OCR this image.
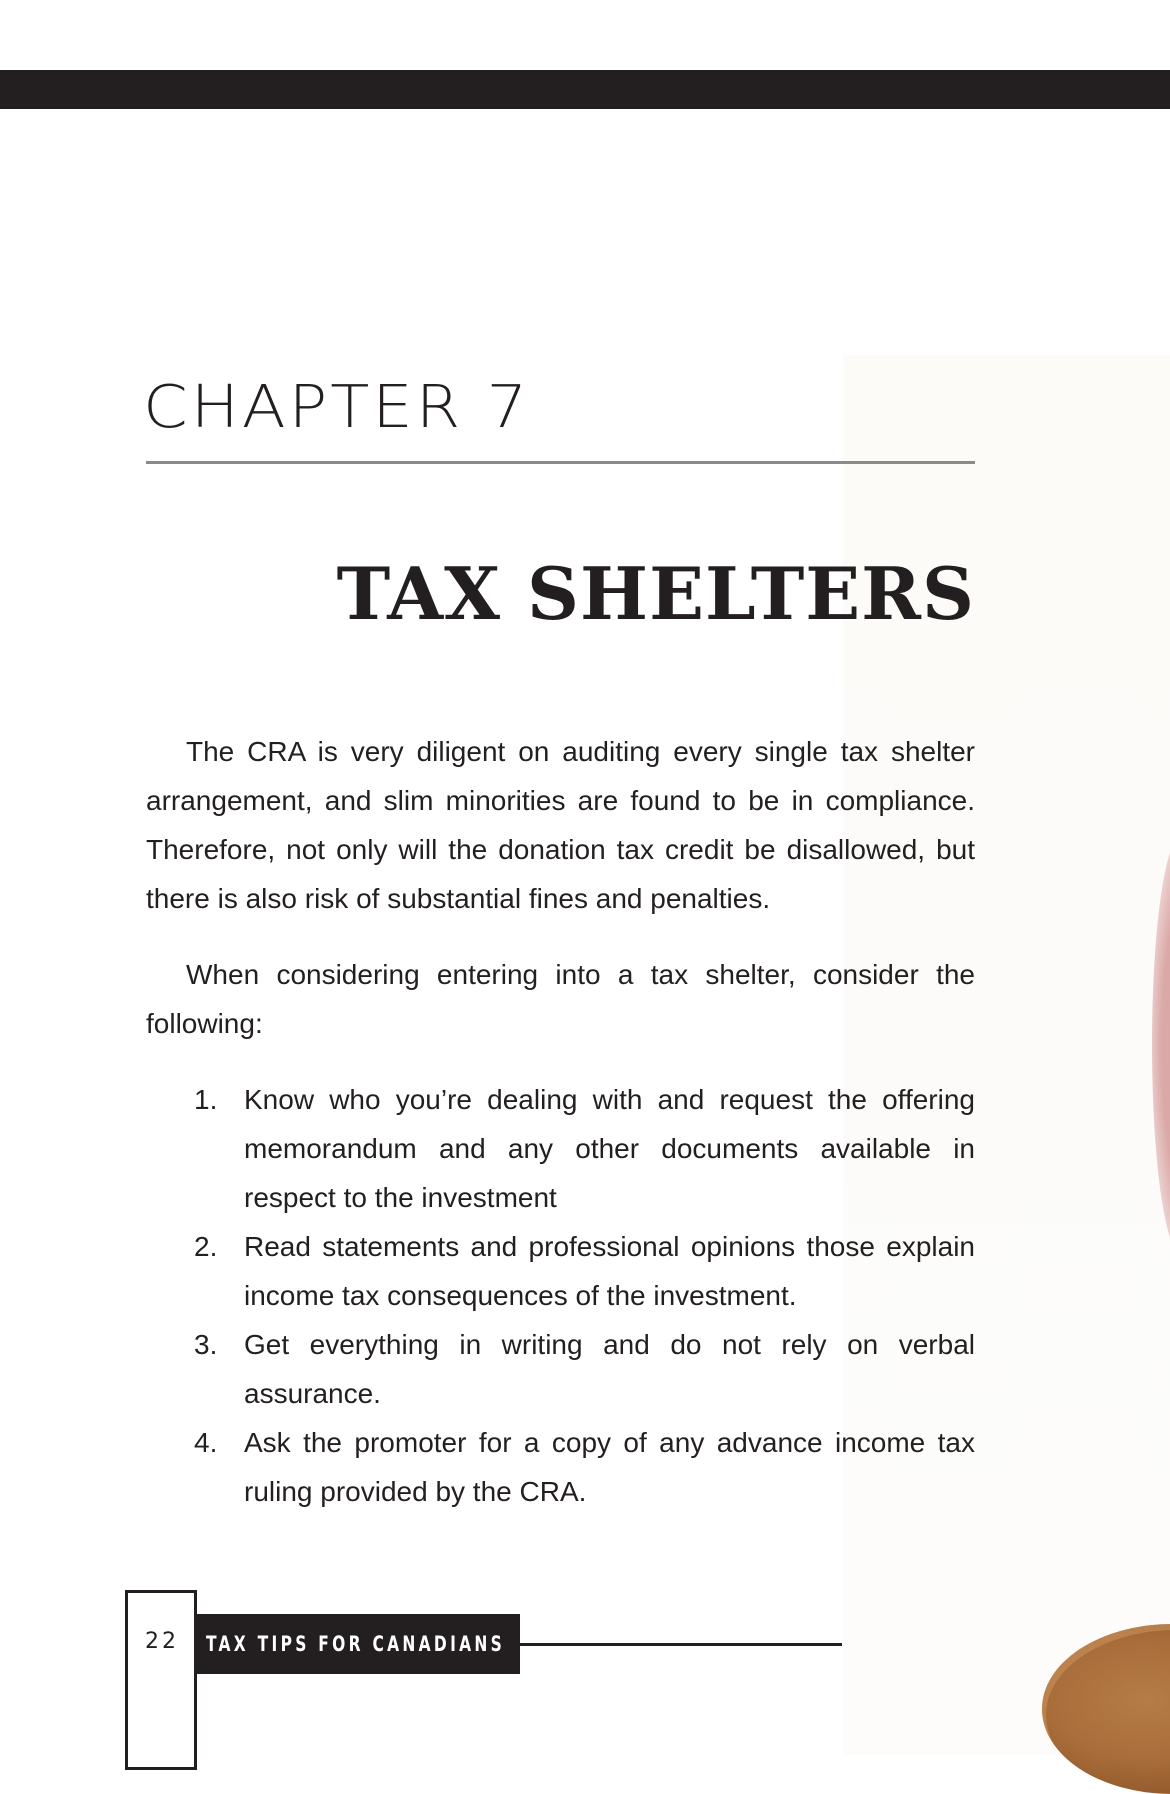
CHAPTER 7
TAX SHELTERS

The CRA is very diligent on auditing every single tax shelter arrangement, and slim minorities are found to be in compliance. Therefore, not only will the donation tax credit be disallowed, but there is also risk of substantial fines and penalties.

When considering entering into a tax shelter, consider the following:

1. Know who you’re dealing with and request the offering memorandum and any other documents available in respect to the investment
2. Read statements and professional opinions those explain income tax consequences of the investment.
3. Get everything in writing and do not rely on verbal assurance.
4. Ask the promoter for a copy of any advance income tax ruling provided by the CRA.
22 TAX TIPS FOR CANADIANS
